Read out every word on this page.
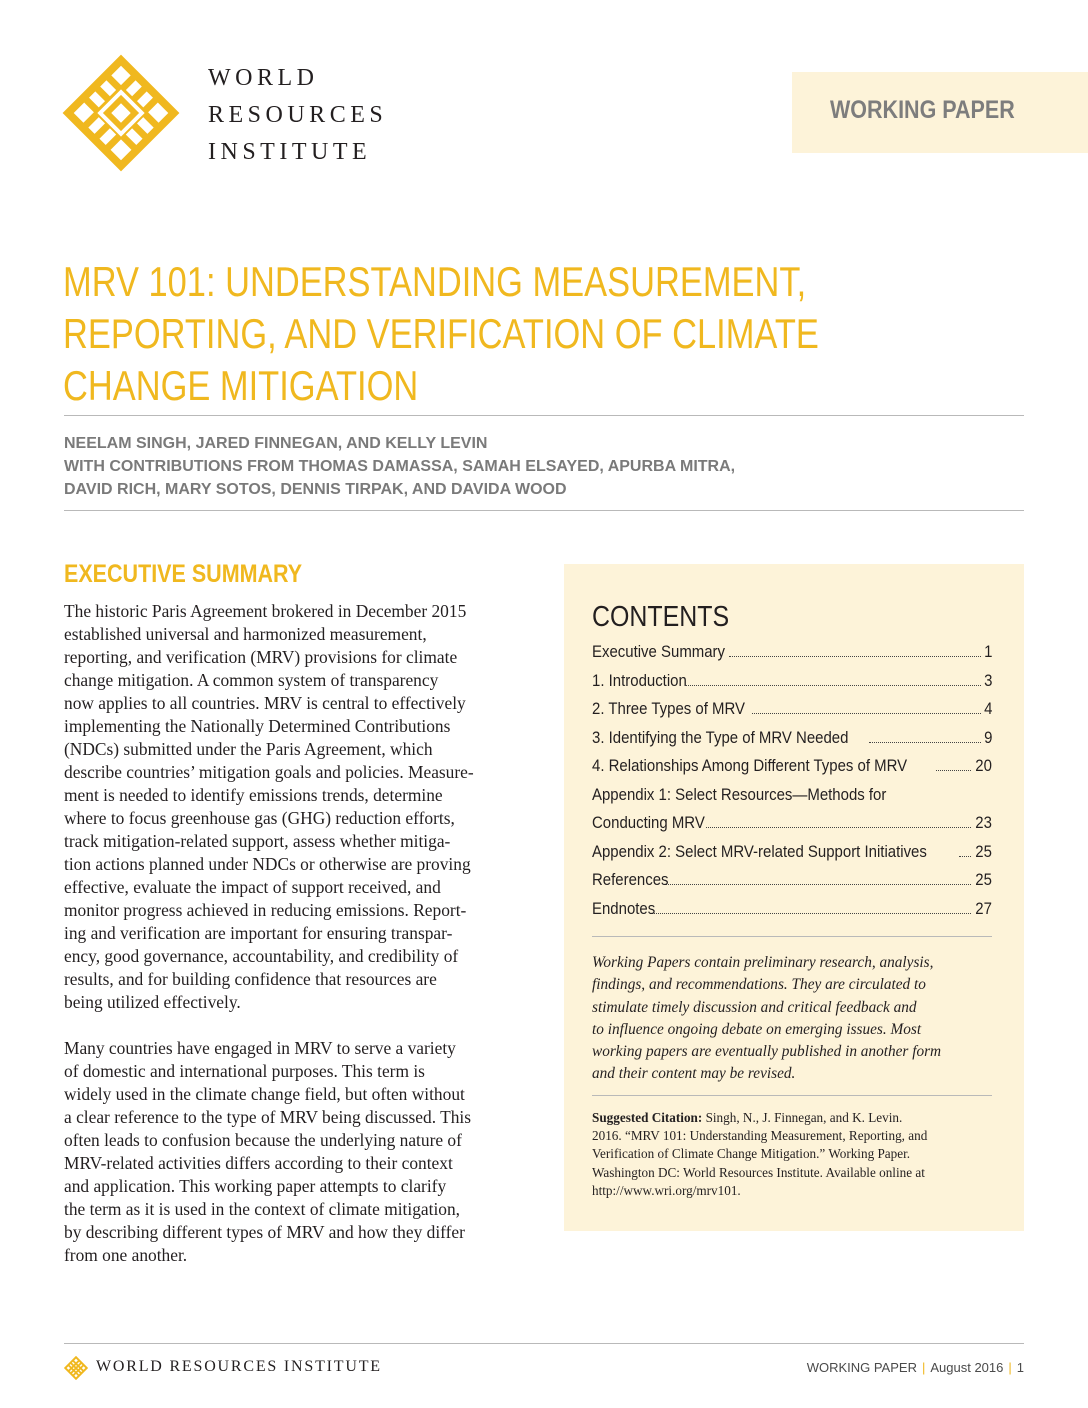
WORLD
RESOURCES
INSTITUTE
WORKING PAPER
MRV 101: UNDERSTANDING MEASUREMENT,
REPORTING, AND VERIFICATION OF CLIMATE
CHANGE MITIGATION
NEELAM SINGH, JARED FINNEGAN, AND KELLY LEVIN
WITH CONTRIBUTIONS FROM THOMAS DAMASSA, SAMAH ELSAYED, APURBA MITRA,
DAVID RICH, MARY SOTOS, DENNIS TIRPAK, AND DAVIDA WOOD
EXECUTIVE SUMMARY

The historic Paris Agreement brokered in December 2015
established universal and harmonized measurement,
reporting, and verification (MRV) provisions for climate
change mitigation. A common system of transparency
now applies to all countries. MRV is central to effectively
implementing the Nationally Determined Contributions
(NDCs) submitted under the Paris Agreement, which
describe countries’ mitigation goals and policies. Measure-
ment is needed to identify emissions trends, determine
where to focus greenhouse gas (GHG) reduction efforts,
track mitigation-related support, assess whether mitiga-
tion actions planned under NDCs or otherwise are proving
effective, evaluate the impact of support received, and
monitor progress achieved in reducing emissions. Report-
ing and verification are important for ensuring transpar-
ency, good governance, accountability, and credibility of
results, and for building confidence that resources are
being utilized effectively.

Many countries have engaged in MRV to serve a variety
of domestic and international purposes. This term is
widely used in the climate change field, but often without
a clear reference to the type of MRV being discussed. This
often leads to confusion because the underlying nature of
MRV-related activities differs according to their context
and application. This working paper attempts to clarify
the term as it is used in the context of climate mitigation,
by describing different types of MRV and how they differ
from one another.

CONTENTS
Executive Summary	1
1. Introduction	3
2. Three Types of MRV	4
3. Identifying the Type of MRV Needed	9
4. Relationships Among Different Types of MRV	20
Appendix 1: Select Resources—Methods for
Conducting MRV	23
Appendix 2: Select MRV-related Support Initiatives	25
References	25
Endnotes	27
Working Papers contain preliminary research, analysis,
findings, and recommendations. They are circulated to
stimulate timely discussion and critical feedback and
to influence ongoing debate on emerging issues. Most
working papers are eventually published in another form
and their content may be revised.
Suggested Citation: Singh, N., J. Finnegan, and K. Levin.
2016. “MRV 101: Understanding Measurement, Reporting, and
Verification of Climate Change Mitigation.” Working Paper.
Washington DC: World Resources Institute. Available online at
http://www.wri.org/mrv101.
WORLD RESOURCES INSTITUTE	WORKING PAPER | August 2016 | 1
